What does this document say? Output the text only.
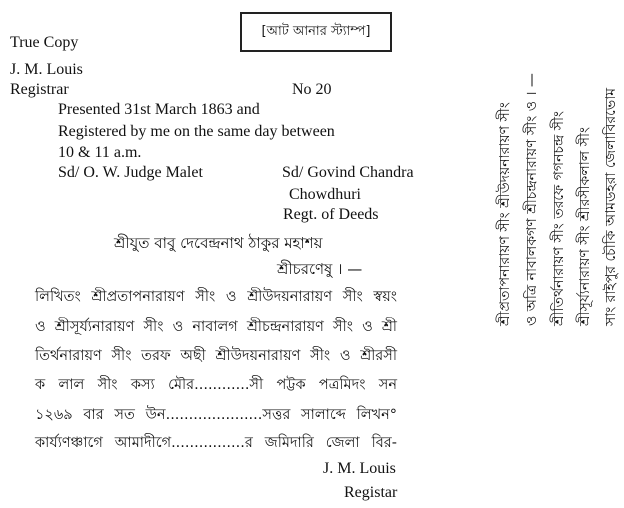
[আট আনার স্ট্যাম্প]
True Copy
J. M. Louis
Registrar	No 20
Presented 31st March 1863 and
Registered by me on the same day between
10 & 11 a.m.
Sd/ O. W. Judge Malet	Sd/ Govind Chandra
Chowdhuri
Regt. of Deeds
শ্রীযুত বাবু দেবেন্দ্রনাথ ঠাকুর মহাশয়
শ্রীচরণেষু । —
লিখিতং শ্রীপ্রতাপনারায়ণ সীং ও শ্রীউদয়নারায়ণ সীং স্বয়ং
ও শ্রীসূর্য্যনারায়ণ সীং ও নাবালগ শ্রীচন্দ্রনারায়ণ সীং ও শ্রী
তির্থনারায়ণ সীং তরফ অছী শ্রীউদয়নারায়ণ সীং ও শ্রীরসী
ক লাল সীং কস্য মৌর............সী পট্টক পত্রমিদং সন
১২৬৯ বার সত উন.....................সত্তর সালাব্দে লিখন°
কার্য্যণঞ্চাগে আমাদীগে................র জমিদারি জেলা বির-
J. M. Louis
Registar
শ্রীপ্রতাপনারায়ণ সীং শ্রীউদয়নারায়ণ সীং ও অত্রি নাবালকগণ শ্রীচন্দ্রনারায়ণ সীং ও । — শ্রীতির্থনারায়ণ সীং তরফে গগনচন্দ্র সীং শ্রীসূর্য্যনারায়ণ সীং শ্রীরসীকলাল সীং সাং রাইপুর চৌকি আমডহরা জেলাবিরভোম
